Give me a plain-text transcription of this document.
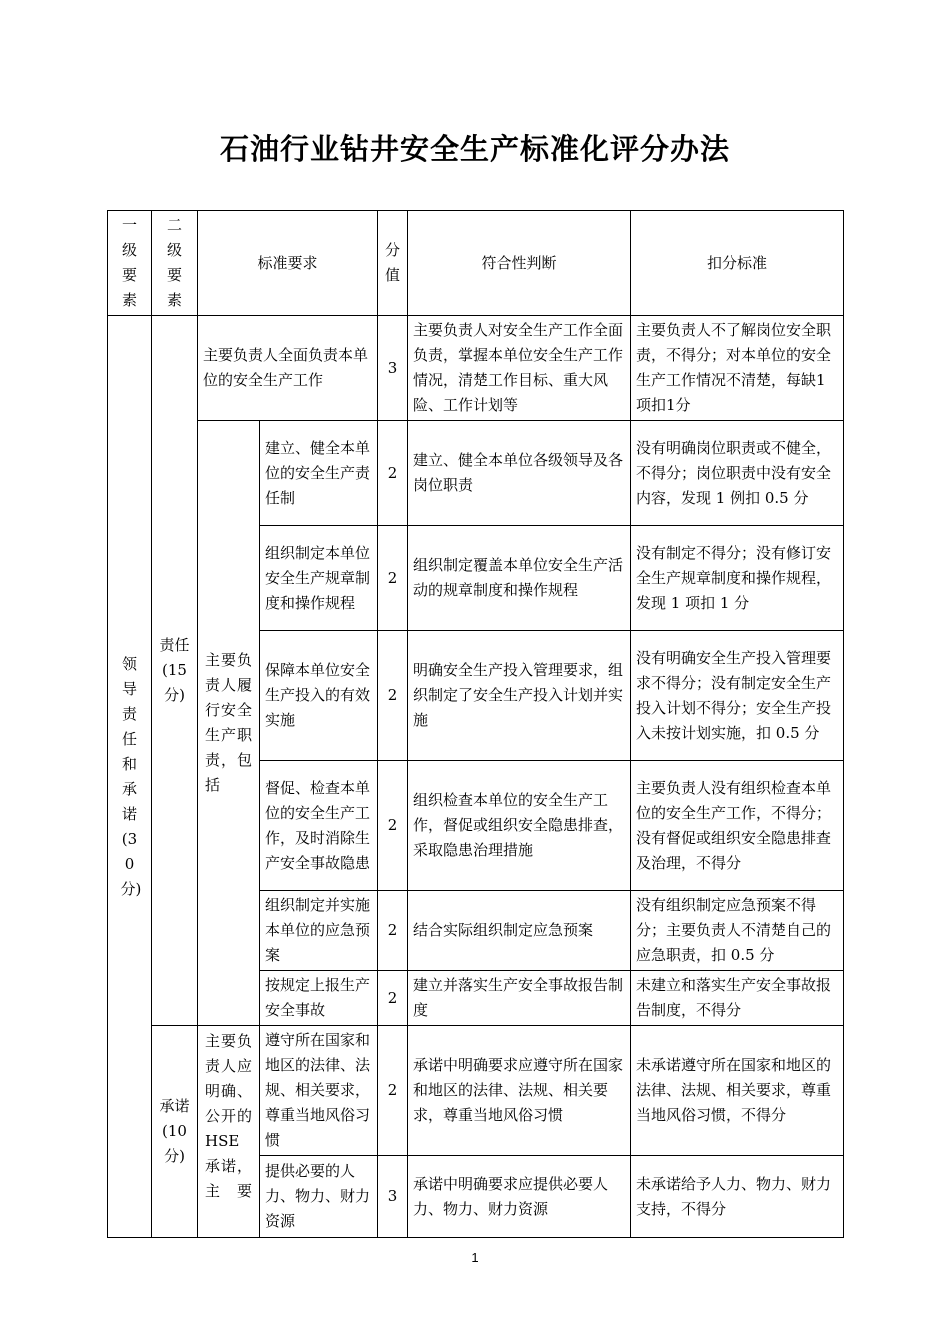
石油行业钻井安全生产标准化评分办法
一级要素	二级要素	标准要求		分值	符合性判断	扣分标准

领导责任和承诺(30分)	责任(15分)	主要负责人全面负责本单位的安全生产工作		3	主要负责人对安全生产工作全面负责，掌握本单位安全生产工作情况，清楚工作目标、重大风险、工作计划等	主要负责人不了解岗位安全职责，不得分；对本单位的安全生产工作情况不清楚，每缺1项扣1分

		主要负责人履行安全生产职责，包括	建立、健全本单位的安全生产责任制	2	建立、健全本单位各级领导及各岗位职责	没有明确岗位职责或不健全，不得分；岗位职责中没有安全内容，发现 1 例扣 0.5 分
			组织制定本单位安全生产规章制度和操作规程	2	组织制定覆盖本单位安全生产活动的规章制度和操作规程	没有制定不得分；没有修订安全生产规章制度和操作规程，发现 1 项扣 1 分
			保障本单位安全生产投入的有效实施	2	明确安全生产投入管理要求，组织制定了安全生产投入计划并实施	没有明确安全生产投入管理要求不得分；没有制定安全生产投入计划不得分；安全生产投入未按计划实施，扣 0.5 分
			督促、检查本单位的安全生产工作，及时消除生产安全事故隐患	2	组织检查本单位的安全生产工作，督促或组织安全隐患排查，采取隐患治理措施	主要负责人没有组织检查本单位的安全生产工作，不得分；
没有督促或组织安全隐患排查及治理，不得分

			组织制定并实施本单位的应急预案	2	结合实际组织制定应急预案	没有组织制定应急预案不得分；主要负责人不清楚自己的应急职责，扣 0.5 分
			按规定上报生产安全事故	2	建立并落实生产安全事故报告制度	未建立和落实生产安全事故报告制度，不得分

	承诺(10分)	主要负责人应明确、公开的HSE承诺，主要	遵守所在国家和地区的法律、法规、相关要求，尊重当地风俗习惯	2	承诺中明确要求应遵守所在国家和地区的法律、法规、相关要求，尊重当地风俗习惯	未承诺遵守所在国家和地区的法律、法规、相关要求，尊重当地风俗习惯，不得分
			提供必要的人力、物力、财力资源	3	承诺中明确要求应提供必要人力、物力、财力资源	未承诺给予人力、物力、财力支持，不得分
1
